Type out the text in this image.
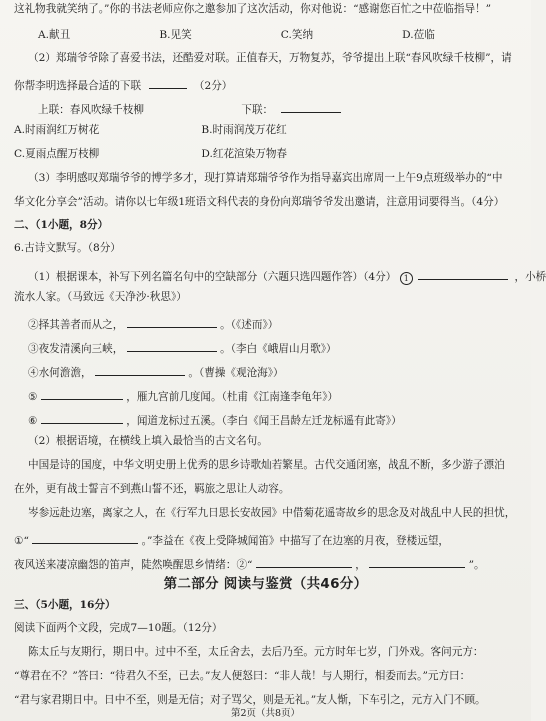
这礼物我就笑纳了。”你的书法老师应你之邀参加了这次活动，你对他说：“感谢您百忙之中莅临指导！”
A.献丑	B.见笑	C.笑纳	D.莅临
（2）郑瑞爷爷除了喜爱书法，还酷爱对联。正值春天，万物复苏，爷爷提出上联“春风吹绿千枝柳”，请
你帮李明选择最合适的下联	（2分）
上联：春风吹绿千枝柳	下联：
A.时雨润红万树花	B.时雨润茂万花红
C.夏雨点醒万枝柳	D.红花渲染万物春
（3）李明感叹郑瑞爷爷的博学多才，现打算请郑瑞爷爷作为指导嘉宾出席周一上午9点班级举办的“中
华文化分享会”活动。请你以七年级1班语文科代表的身份向郑瑞爷爷发出邀请，注意用词要得当。（4分）
二、（1小题，8分）
6.古诗文默写。（8分）
（1）根据课本，补写下列名篇名句中的空缺部分（六题只选四题作答）（4分） 1	，小桥
流水人家。（马致远《天净沙·秋思》）
②择其善者而从之，	。（《述而》）
③夜发清溪向三峡，	。（李白《峨眉山月歌》）
④水何澹澹，	。（曹操《观沧海》）
⑤	，雁九宫前几度闻。（杜甫《江南逢李龟年》）
⑥	，闻道龙标过五溪。（李白《闻王昌龄左迁龙标遥有此寄》）
（2）根据语境，在横线上填入最恰当的古文名句。
中国是诗的国度，中华文明史册上优秀的思乡诗歌灿若繁星。古代交通闭塞，战乱不断，多少游子漂泊
在外，更有战士誓言不到燕山誓不还，羁旅之思让人动容。
岑参远赴边塞，离家之人，在《行军九日思长安故园》中借菊花遥寄故乡的思念及对战乱中人民的担忧，
①“	。”李益在《夜上受降城闻笛》中描写了在边塞的月夜，登楼远望，
夜风送来凄凉幽怨的笛声，陡然唤醒思乡情绪：②“	，	”。
第二部分 阅读与鉴赏（共46分）
三、（5小题，16分）
阅读下面两个文段，完成7—10题。（12分）
陈太丘与友期行，期日中。过中不至，太丘舍去，去后乃至。元方时年七岁，门外戏。客问元方：
“尊君在不？”答曰：“待君久不至，已去。”友人便怒曰：“非人哉！与人期行，相委而去。”元方曰：
“君与家君期日中。日中不至，则是无信；对子骂父，则是无礼。”友人惭，下车引之，元方入门不顾。
第2页（共8页）
